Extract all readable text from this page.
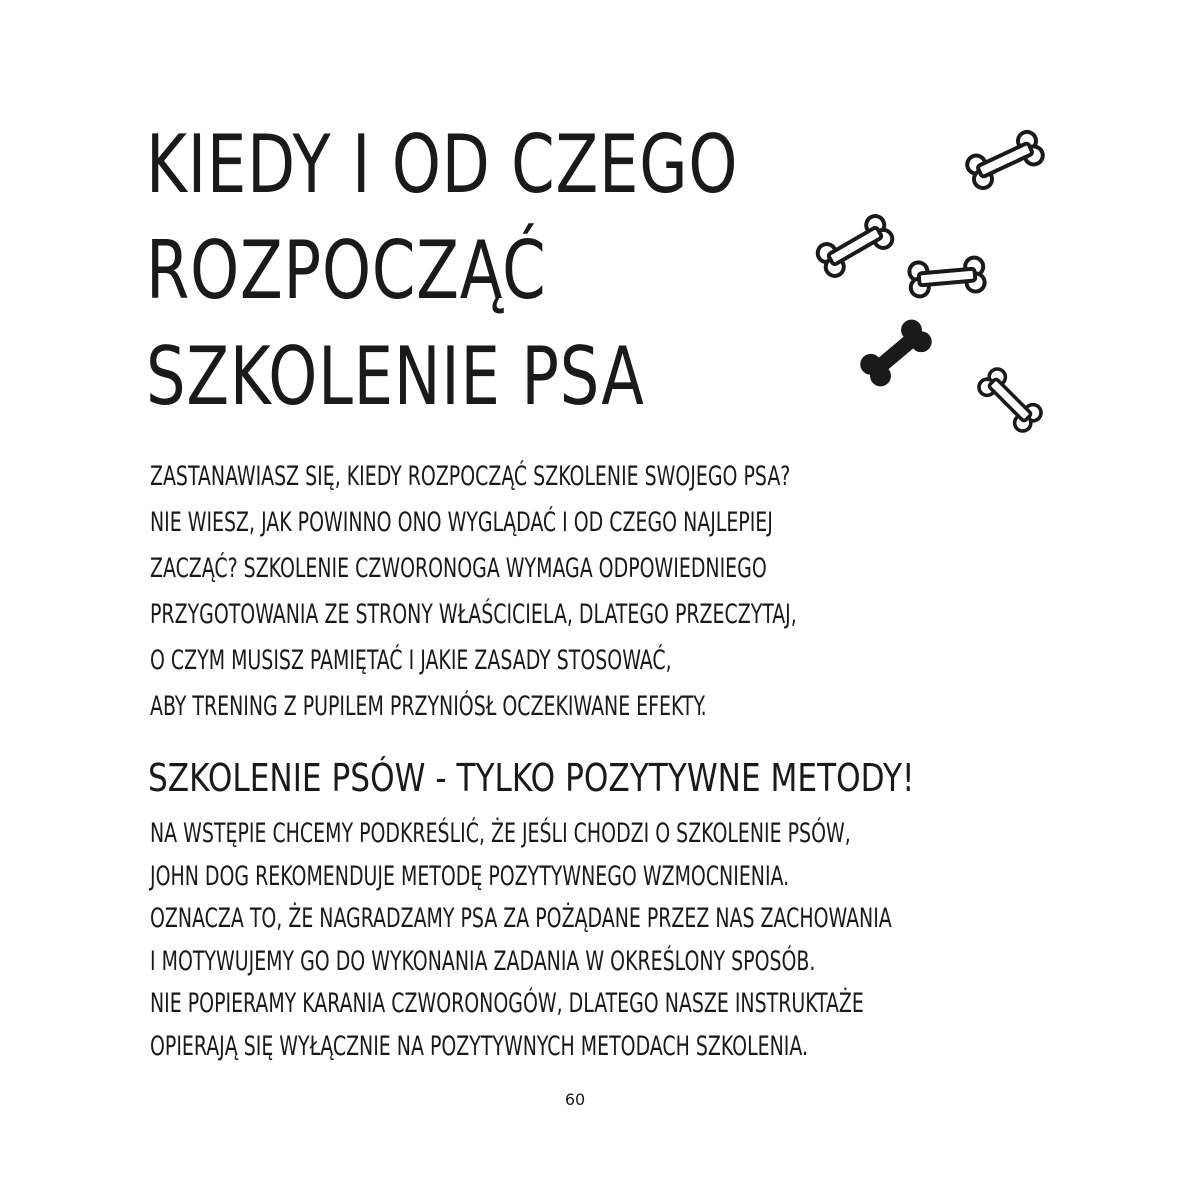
KIEDY I OD CZEGO
ROZPOCZĄĆ
SZKOLENIE PSA

ZASTANAWIASZ SIĘ, KIEDY ROZPOCZĄĆ SZKOLENIE SWOJEGO PSA?
NIE WIESZ, JAK POWINNO ONO WYGLĄDAĆ I OD CZEGO NAJLEPIEJ
ZACZĄĆ? SZKOLENIE CZWORONOGA WYMAGA ODPOWIEDNIEGO
PRZYGOTOWANIA ZE STRONY WŁAŚCICIELA, DLATEGO PRZECZYTAJ,
O CZYM MUSISZ PAMIĘTAĆ I JAKIE ZASADY STOSOWAĆ,
ABY TRENING Z PUPILEM PRZYNIÓSŁ OCZEKIWANE EFEKTY.

SZKOLENIE PSÓW - TYLKO POZYTYWNE METODY!

NA WSTĘPIE CHCEMY PODKREŚLIĆ, ŻE JEŚLI CHODZI O SZKOLENIE PSÓW,
JOHN DOG REKOMENDUJE METODĘ POZYTYWNEGO WZMOCNIENIA.
OZNACZA TO, ŻE NAGRADZAMY PSA ZA POŻĄDANE PRZEZ NAS ZACHOWANIA
I MOTYWUJEMY GO DO WYKONANIA ZADANIA W OKREŚLONY SPOSÓB.
NIE POPIERAMY KARANIA CZWORONOGÓW, DLATEGO NASZE INSTRUKTAŻE
OPIERAJĄ SIĘ WYŁĄCZNIE NA POZYTYWNYCH METODACH SZKOLENIA.

60
